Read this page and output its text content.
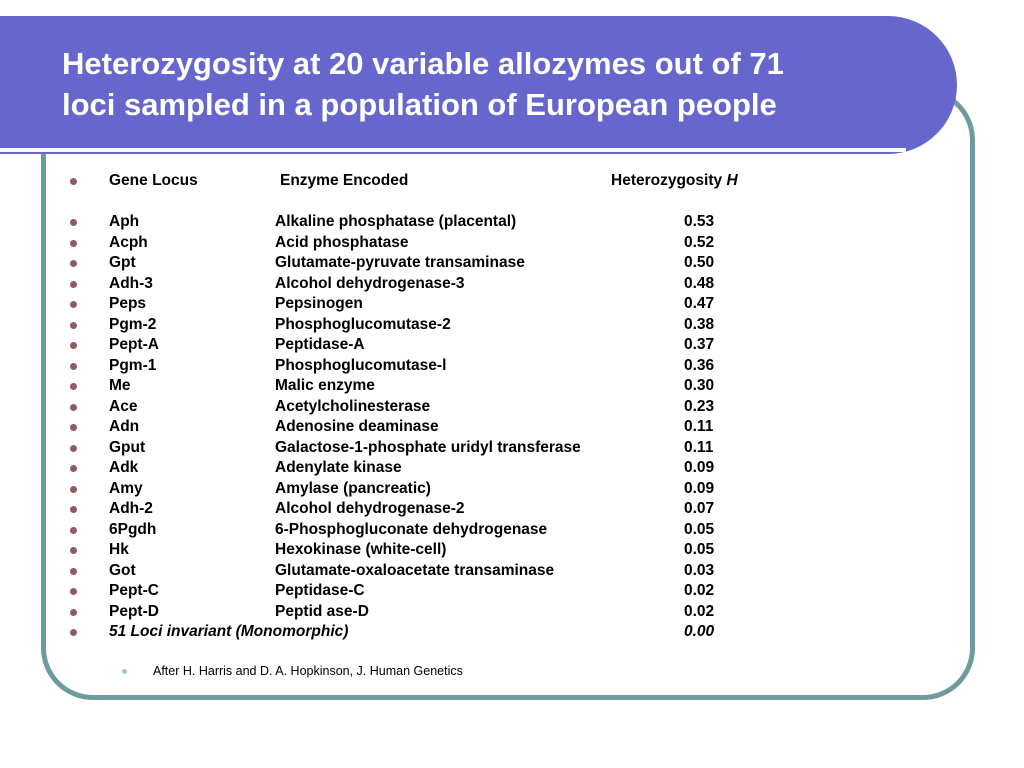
Heterozygosity at 20 variable allozymes out of 71
loci sampled in a population of European people
Gene Locus	Enzyme Encoded	Heterozygosity H
Aph	Alkaline phosphatase (placental)	0.53
Acph	Acid phosphatase	0.52
Gpt	Glutamate-pyruvate transaminase	0.50
Adh-3	Alcohol dehydrogenase-3	0.48
Peps	Pepsinogen	0.47
Pgm-2	Phosphoglucomutase-2	0.38
Pept-A	Peptidase-A	0.37
Pgm-1	Phosphoglucomutase-l	0.36
Me	Malic enzyme	0.30
Ace	Acetylcholinesterase	0.23
Adn	Adenosine deaminase	0.11
Gput	Galactose-1-phosphate uridyl transferase	0.11
Adk	Adenylate kinase	0.09
Amy	Amylase (pancreatic)	0.09
Adh-2	Alcohol dehydrogenase-2	0.07
6Pgdh	6-Phosphogluconate dehydrogenase	0.05
Hk	Hexokinase (white-cell)	0.05
Got	Glutamate-oxaloacetate transaminase	0.03
Pept-C	Peptidase-C	0.02
Pept-D	Peptid ase-D	0.02
51 Loci invariant (Monomorphic)	0.00
After H. Harris and D. A. Hopkinson, J. Human Genetics
